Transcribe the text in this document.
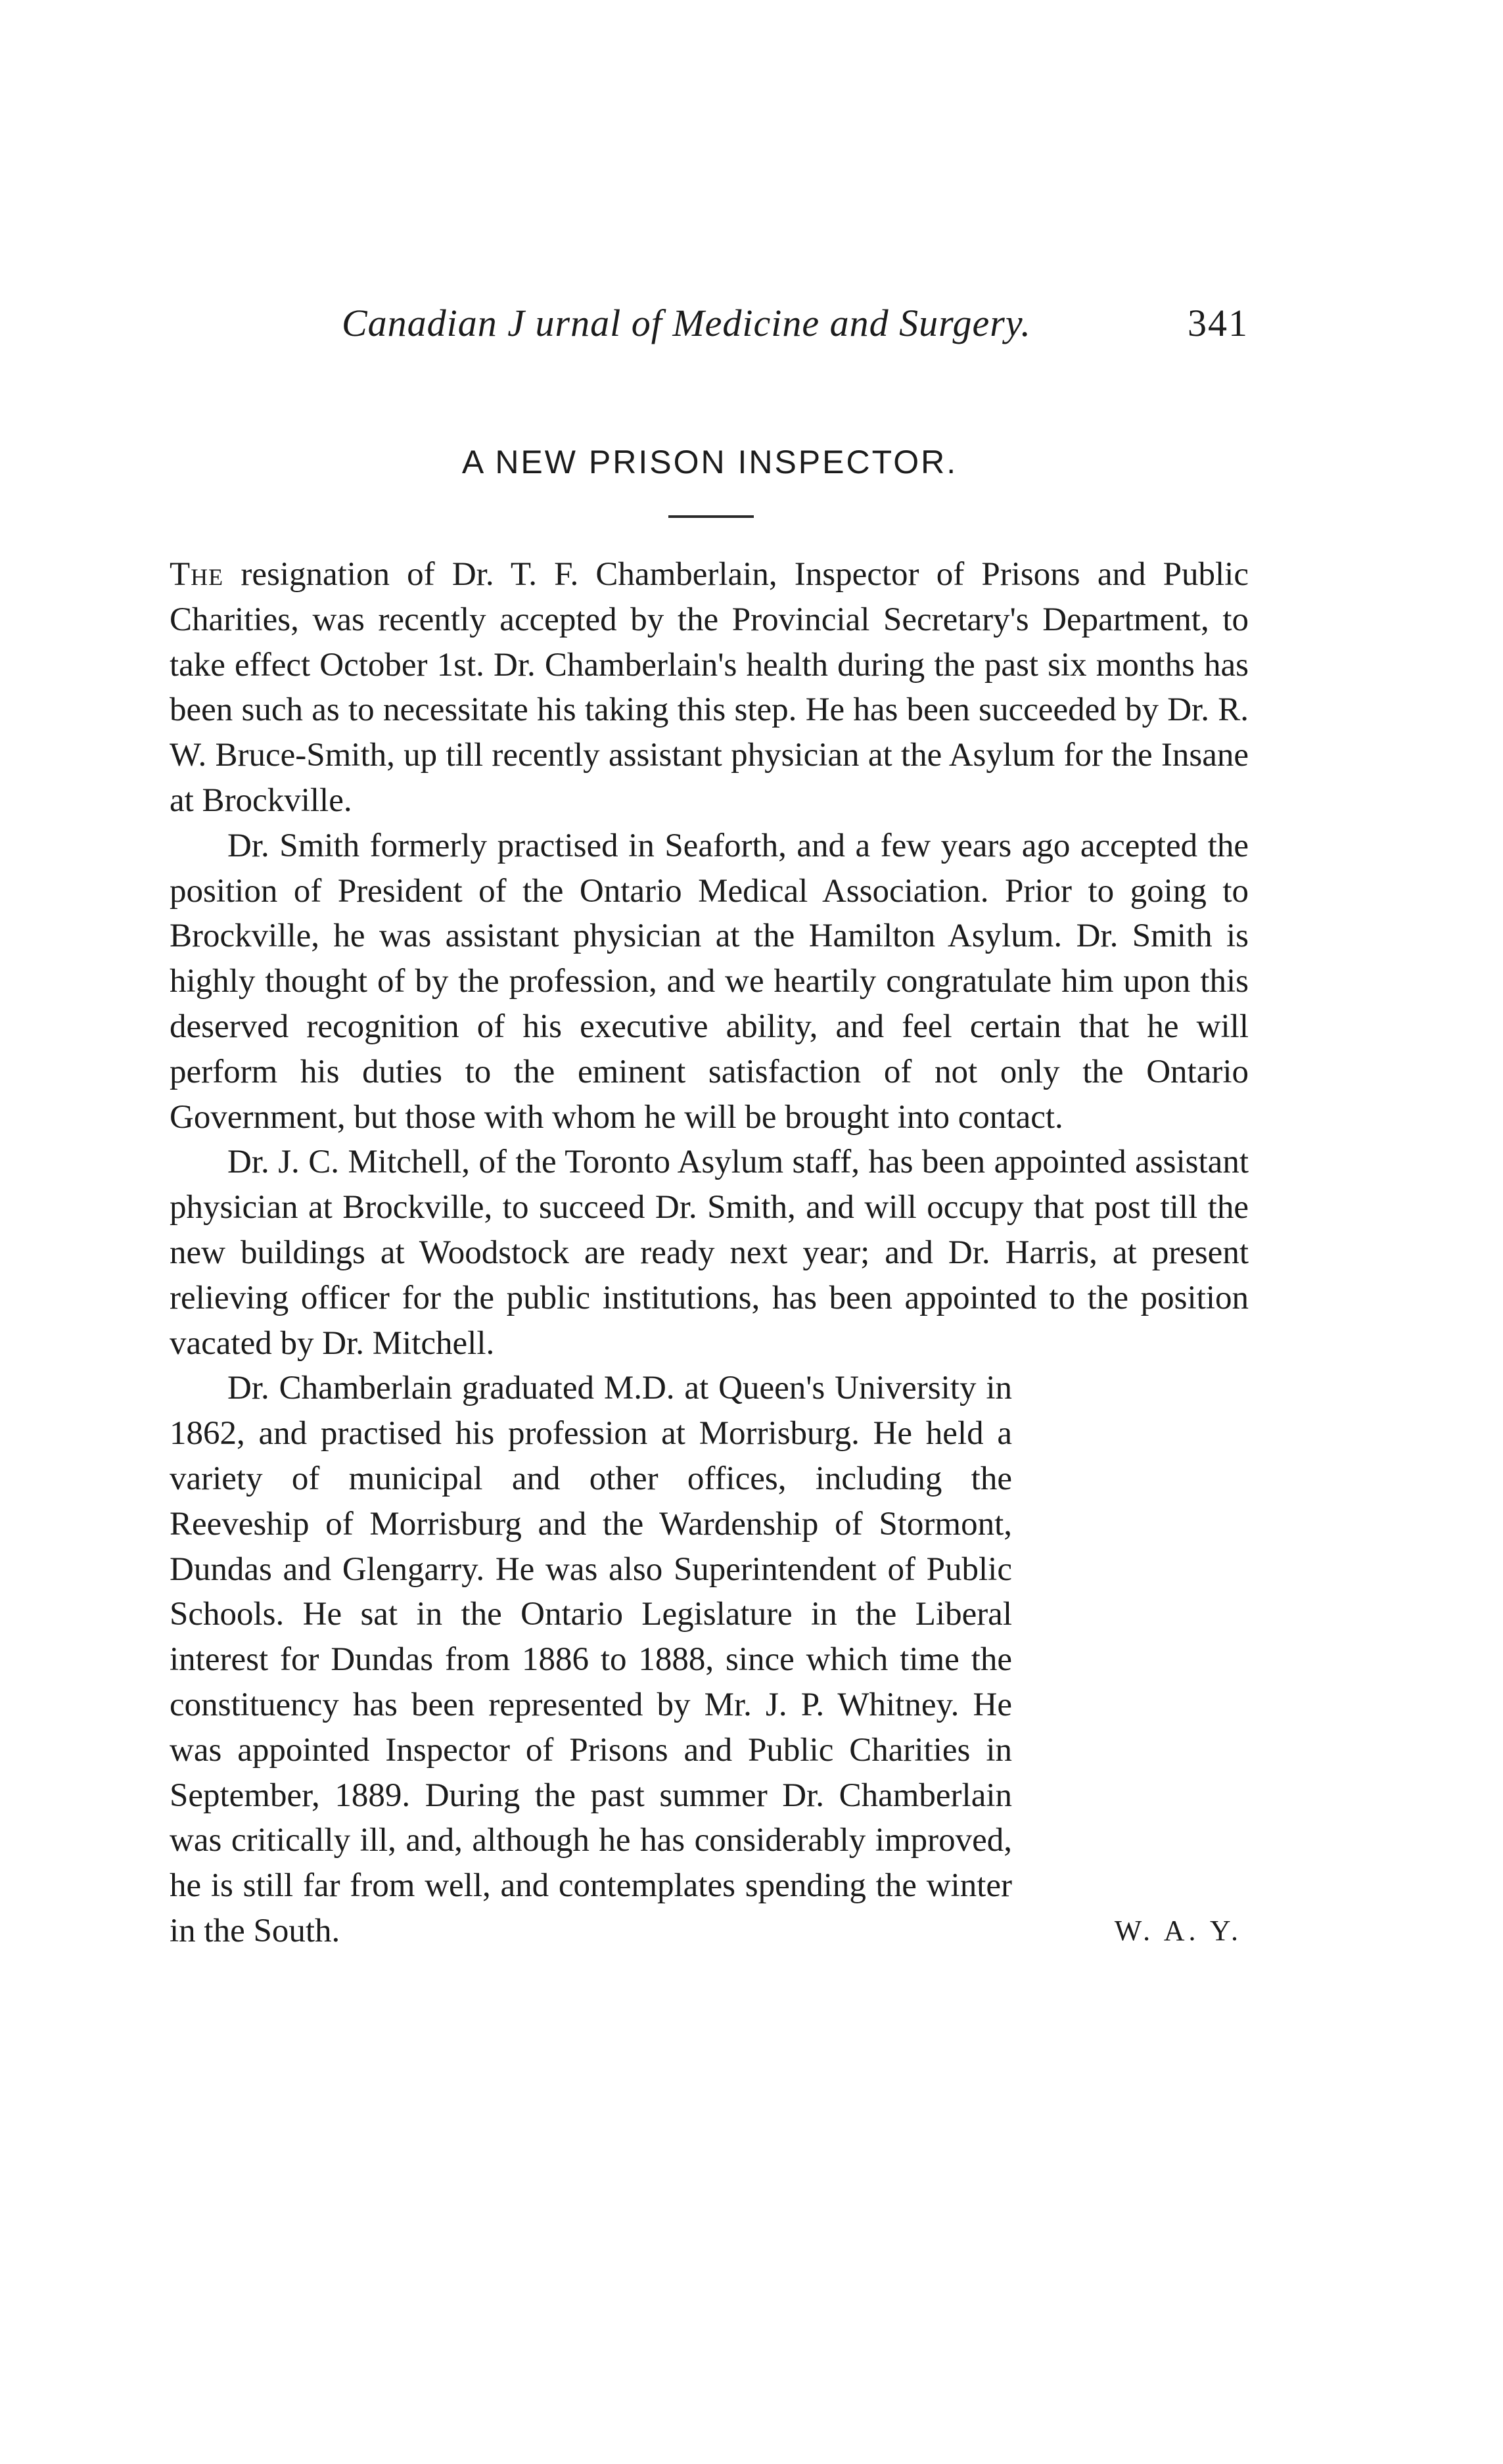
Canadian J urnal of Medicine and Surgery.	341
A NEW PRISON INSPECTOR.

The resignation of Dr. T. F. Chamberlain, Inspector of Prisons and Public Charities, was recently accepted by the Provincial Secretary's Department, to take effect October 1st. Dr. Chamberlain's health during the past six months has been such as to necessitate his taking this step. He has been succeeded by Dr. R. W. Bruce-Smith, up till recently assistant physician at the Asylum for the Insane at Brockville.

Dr. Smith formerly practised in Seaforth, and a few years ago accepted the position of President of the Ontario Medical Association. Prior to going to Brockville, he was assistant physician at the Hamilton Asylum. Dr. Smith is highly thought of by the profession, and we heartily congratulate him upon this deserved recognition of his executive ability, and feel certain that he will perform his duties to the eminent satisfaction of not only the Ontario Government, but those with whom he will be brought into contact.

Dr. J. C. Mitchell, of the Toronto Asylum staff, has been appointed assistant physician at Brockville, to succeed Dr. Smith, and will occupy that post till the new buildings at Woodstock are ready next year; and Dr. Harris, at present relieving officer for the public institutions, has been appointed to the position vacated by Dr. Mitchell.

Dr. Chamberlain graduated M.D. at Queen's University in 1862, and practised his profession at Morrisburg. He held a variety of municipal and other offices, including the Reeveship of Morrisburg and the Wardenship of Stormont, Dundas and Glengarry. He was also Superintendent of Public Schools. He sat in the Ontario Legislature in the Liberal interest for Dundas from 1886 to 1888, since which time the constituency has been represented by Mr. J. P. Whitney. He was appointed Inspector of Prisons and Public Charities in September, 1889. During the past summer Dr. Chamberlain was critically ill, and, although he has considerably improved, he is still far from well, and contemplates spending the winter in the South.	W. A. Y.
